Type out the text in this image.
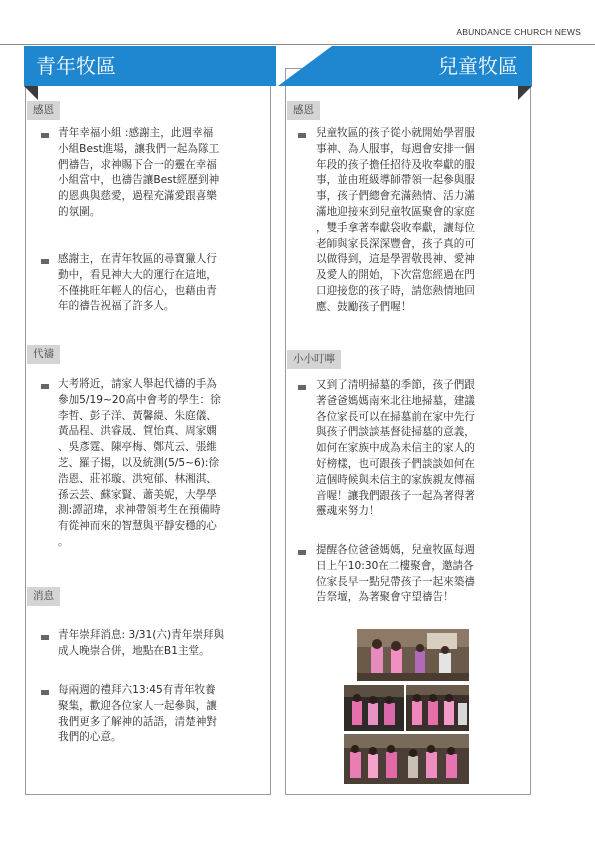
ABUNDANCE CHURCH NEWS
青年牧區	兒童牧區
感恩
青年幸福小組 :感謝主，此週幸福
小組Best進場，讓我們一起為隊工
們禱告，求神賜下合一的靈在幸福
小組當中，也禱告讓Best經歷到神
的恩典與慈愛，過程充滿愛跟喜樂
的氛圍。
感謝主，在青年牧區的尋寶獵人行
動中，看見神大大的運行在這地，
不僅挑旺年輕人的信心，也藉由青
年的禱告祝福了許多人。
代禱
大考將近，請家人舉起代禱的手為
參加5/19~20高中會考的學生：徐
李哲、彭子洋、黃馨緹、朱庭儀、
黃品程、洪睿晟、賀怡真、周家嫻
、吳彥霆、陳亭梅、鄭芃云、張維
芝、羅子揚，以及統測(5/5~6):徐
浩恩、莊祁璇、洪宛郁、林湘淇、
孫云芸、蘇家賢、蕭美妮，大學學
測:譚詔瑋，求神帶領考生在預備時
有從神而來的智慧與平靜安穩的心
。
消息
青年崇拜消息: 3/31(六)青年崇拜與
成人晚崇合併，地點在B1主堂。
每兩週的禮拜六13:45有青年牧養
聚集，歡迎各位家人一起參與，讓
我們更多了解神的話語，清楚神對
我們的心意。
感恩
兒童牧區的孩子從小就開始學習服
事神、為人服事，每週會安排一個
年段的孩子擔任招待及收奉獻的服
事，並由班級導師帶領一起參與服
事，孩子們總會充滿熱情、活力滿
滿地迎接來到兒童牧區聚會的家庭
，雙手拿著奉獻袋收奉獻，讓每位
老師與家長深深豐會，孩子真的可
以做得到，這是學習敬畏神、愛神
及愛人的開始，下次當您經過在門
口迎接您的孩子時，請您熱情地回
應、鼓勵孩子們喔！
小小叮嚀
又到了清明掃墓的季節，孩子們跟
著爸爸媽媽南來北往地掃墓，建議
各位家長可以在掃墓前在家中先行
與孩子們談談基督徒掃墓的意義，
如何在家族中成為未信主的家人的
好榜樣，也可跟孩子們談談如何在
這個時候與未信主的家族親友傳福
音喔！讓我們跟孩子一起為著得著
靈魂來努力！
提醒各位爸爸媽媽，兒童牧區每週
日上午10:30在二樓聚會，邀請各
位家長早一點兒帶孩子一起來築禱
告祭壇，為著聚會守望禱告！
